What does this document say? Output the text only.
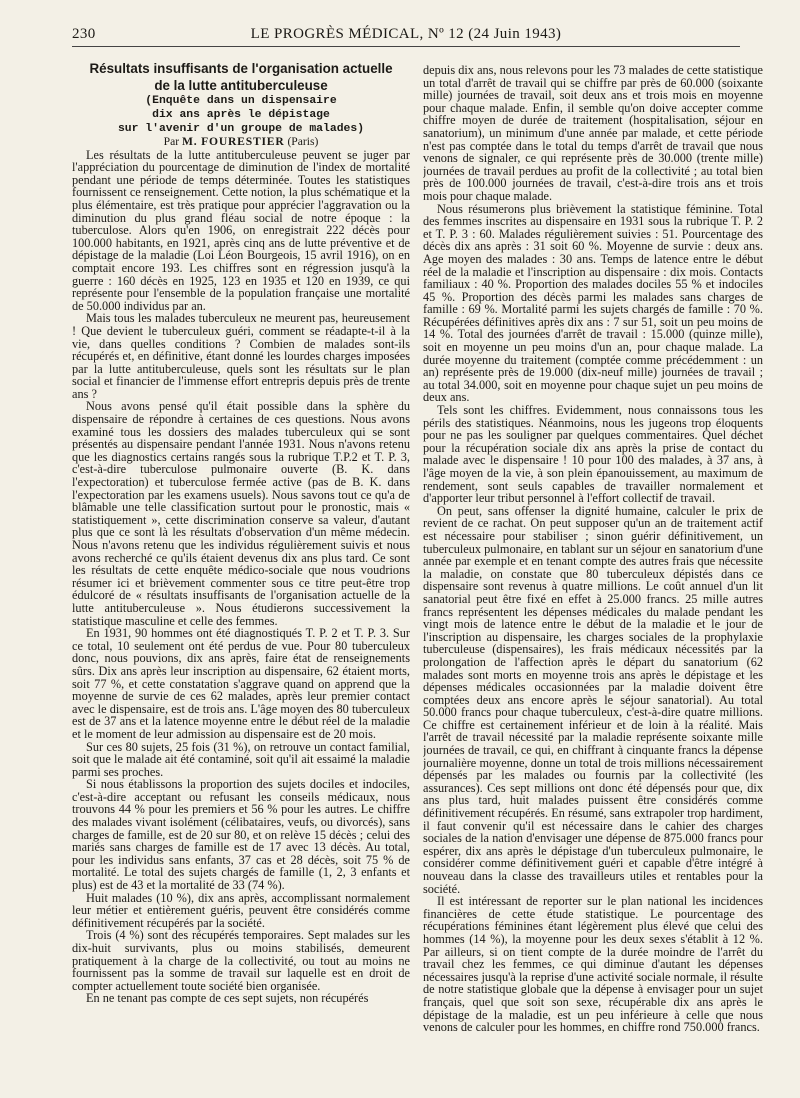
230	LE PROGRÈS MÉDICAL, Nº 12 (24 Juin 1943)

Résultats insuffisants de l'organisation actuelle
de la lutte antituberculeuse

(Enquête dans un dispensaire
dix ans après le dépistage
sur l'avenir d'un groupe de malades)

Par M. FOURESTIER (Paris)

Les résultats de la lutte antituberculeuse peuvent se juger par l'appréciation du pourcentage de diminution de l'index de mortalité pendant une période de temps déterminée. Toutes les statistiques fournissent ce renseignement. Cette notion, la plus schématique et la plus élémentaire, est très pratique pour apprécier l'aggravation ou la diminution du plus grand fléau social de notre époque : la tuberculose. Alors qu'en 1906, on enregistrait 222 décès pour 100.000 habitants, en 1921, après cinq ans de lutte préventive et de dépistage de la maladie (Loi Léon Bourgeois, 15 avril 1916), on en comptait encore 193. Les chiffres sont en régression jusqu'à la guerre : 160 décès en 1925, 123 en 1935 et 120 en 1939, ce qui représente pour l'ensemble de la population française une mortalité de 50.000 individus par an.

Mais tous les malades tuberculeux ne meurent pas, heureusement ! Que devient le tuberculeux guéri, comment se réadapte-t-il à la vie, dans quelles conditions ? Combien de malades sont-ils récupérés et, en définitive, étant donné les lourdes charges imposées par la lutte antituberculeuse, quels sont les résultats sur le plan social et financier de l'immense effort entrepris depuis près de trente ans ?

Nous avons pensé qu'il était possible dans la sphère du dispensaire de répondre à certaines de ces questions. Nous avons examiné tous les dossiers des malades tuberculeux qui se sont présentés au dispensaire pendant l'année 1931. Nous n'avons retenu que les diagnostics certains rangés sous la rubrique T.P.2 et T. P. 3, c'est-à-dire tuberculose pulmonaire ouverte (B. K. dans l'expectoration) et tuberculose fermée active (pas de B. K. dans l'expectoration par les examens usuels). Nous savons tout ce qu'a de blâmable une telle classification surtout pour le pronostic, mais « statistiquement », cette discrimination conserve sa valeur, d'autant plus que ce sont là les résultats d'observation d'un même médecin. Nous n'avons retenu que les individus régulièrement suivis et nous avons recherché ce qu'ils étaient devenus dix ans plus tard. Ce sont les résultats de cette enquête médico-sociale que nous voudrions résumer ici et brièvement commenter sous ce titre peut-être trop édulcoré de « résultats insuffisants de l'organisation actuelle de la lutte antituberculeuse ». Nous étudierons successivement la statistique masculine et celle des femmes.

En 1931, 90 hommes ont été diagnostiqués T. P. 2 et T. P. 3. Sur ce total, 10 seulement ont été perdus de vue. Pour 80 tuberculeux donc, nous pouvions, dix ans après, faire état de renseignements sûrs. Dix ans après leur inscription au dispensaire, 62 étaient morts, soit 77 %, et cette constatation s'aggrave quand on apprend que la moyenne de survie de ces 62 malades, après leur premier contact avec le dispensaire, est de trois ans. L'âge moyen des 80 tuberculeux est de 37 ans et la latence moyenne entre le début réel de la maladie et le moment de leur admission au dispensaire est de 20 mois.

Sur ces 80 sujets, 25 fois (31 %), on retrouve un contact familial, soit que le malade ait été contaminé, soit qu'il ait essaimé la maladie parmi ses proches.

Si nous établissons la proportion des sujets dociles et indociles, c'est-à-dire acceptant ou refusant les conseils médicaux, nous trouvons 44 % pour les premiers et 56 % pour les autres. Le chiffre des malades vivant isolément (célibataires, veufs, ou divorcés), sans charges de famille, est de 20 sur 80, et on relève 15 décès ; celui des mariés sans charges de famille est de 17 avec 13 décès. Au total, pour les individus sans enfants, 37 cas et 28 décès, soit 75 % de mortalité. Le total des sujets chargés de famille (1, 2, 3 enfants et plus) est de 43 et la mortalité de 33 (74 %).

Huit malades (10 %), dix ans après, accomplissant normalement leur métier et entièrement guéris, peuvent être considérés comme définitivement récupérés par la société.

Trois (4 %) sont des récupérés temporaires. Sept malades sur les dix-huit survivants, plus ou moins stabilisés, demeurent pratiquement à la charge de la collectivité, ou tout au moins ne fournissent pas la somme de travail sur laquelle est en droit de compter actuellement toute société bien organisée.

En ne tenant pas compte de ces sept sujets, non récupérés

depuis dix ans, nous relevons pour les 73 malades de cette statistique un total d'arrêt de travail qui se chiffre par près de 60.000 (soixante mille) journées de travail, soit deux ans et trois mois en moyenne pour chaque malade. Enfin, il semble qu'on doive accepter comme chiffre moyen de durée de traitement (hospitalisation, séjour en sanatorium), un minimum d'une année par malade, et cette période n'est pas comptée dans le total du temps d'arrêt de travail que nous venons de signaler, ce qui représente près de 30.000 (trente mille) journées de travail perdues au profit de la collectivité ; au total bien près de 100.000 journées de travail, c'est-à-dire trois ans et trois mois pour chaque malade.

Nous résumerons plus brièvement la statistique féminine. Total des femmes inscrites au dispensaire en 1931 sous la rubrique T. P. 2 et T. P. 3 : 60. Malades régulièrement suivies : 51. Pourcentage des décès dix ans après : 31 soit 60 %. Moyenne de survie : deux ans. Age moyen des malades : 30 ans. Temps de latence entre le début réel de la maladie et l'inscription au dispensaire : dix mois. Contacts familiaux : 40 %. Proportion des malades dociles 55 % et indociles 45 %. Proportion des décès parmi les malades sans charges de famille : 69 %. Mortalité parmi les sujets chargés de famille : 70 %. Récupérées définitives après dix ans : 7 sur 51, soit un peu moins de 14 %. Total des journées d'arrêt de travail : 15.000 (quinze mille), soit en moyenne un peu moins d'un an, pour chaque malade. La durée moyenne du traitement (comptée comme précédemment : un an) représente près de 19.000 (dix-neuf mille) journées de travail ; au total 34.000, soit en moyenne pour chaque sujet un peu moins de deux ans.

Tels sont les chiffres. Evidemment, nous connaissons tous les périls des statistiques. Néanmoins, nous les jugeons trop éloquents pour ne pas les souligner par quelques commentaires. Quel déchet pour la récupération sociale dix ans après la prise de contact du malade avec le dispensaire ! 10 pour 100 des malades, à 37 ans, à l'âge moyen de la vie, à son plein épanouissement, au maximum de rendement, sont seuls capables de travailler normalement et d'apporter leur tribut personnel à l'effort collectif de travail.

On peut, sans offenser la dignité humaine, calculer le prix de revient de ce rachat. On peut supposer qu'un an de traitement actif est nécessaire pour stabiliser ; sinon guérir définitivement, un tuberculeux pulmonaire, en tablant sur un séjour en sanatorium d'une année par exemple et en tenant compte des autres frais que nécessite la maladie, on constate que 80 tuberculeux dépistés dans ce dispensaire sont revenus à quatre millions. Le coût annuel d'un lit sanatorial peut être fixé en effet à 25.000 francs. 25 mille autres francs représentent les dépenses médicales du malade pendant les vingt mois de latence entre le début de la maladie et le jour de l'inscription au dispensaire, les charges sociales de la prophylaxie tuberculeuse (dispensaires), les frais médicaux nécessités par la prolongation de l'affection après le départ du sanatorium (62 malades sont morts en moyenne trois ans après le dépistage et les dépenses médicales occasionnées par la maladie doivent être comptées deux ans encore après le séjour sanatorial). Au total 50.000 francs pour chaque tuberculeux, c'est-à-dire quatre millions. Ce chiffre est certainement inférieur et de loin à la réalité. Mais l'arrêt de travail nécessité par la maladie représente soixante mille journées de travail, ce qui, en chiffrant à cinquante francs la dépense journalière moyenne, donne un total de trois millions nécessairement dépensés par les malades ou fournis par la collectivité (les assurances). Ces sept millions ont donc été dépensés pour que, dix ans plus tard, huit malades puissent être considérés comme définitivement récupérés. En résumé, sans extrapoler trop hardiment, il faut convenir qu'il est nécessaire dans le cahier des charges sociales de la nation d'envisager une dépense de 875.000 francs pour espérer, dix ans après le dépistage d'un tuberculeux pulmonaire, le considérer comme définitivement guéri et capable d'être intégré à nouveau dans la classe des travailleurs utiles et rentables pour la société.

Il est intéressant de reporter sur le plan national les incidences financières de cette étude statistique. Le pourcentage des récupérations féminines étant légèrement plus élevé que celui des hommes (14 %), la moyenne pour les deux sexes s'établit à 12 %. Par ailleurs, si on tient compte de la durée moindre de l'arrêt du travail chez les femmes, ce qui diminue d'autant les dépenses nécessaires jusqu'à la reprise d'une activité sociale normale, il résulte de notre statistique globale que la dépense à envisager pour un sujet français, quel que soit son sexe, récupérable dix ans après le dépistage de la maladie, est un peu inférieure à celle que nous venons de calculer pour les hommes, en chiffre rond 750.000 francs.
